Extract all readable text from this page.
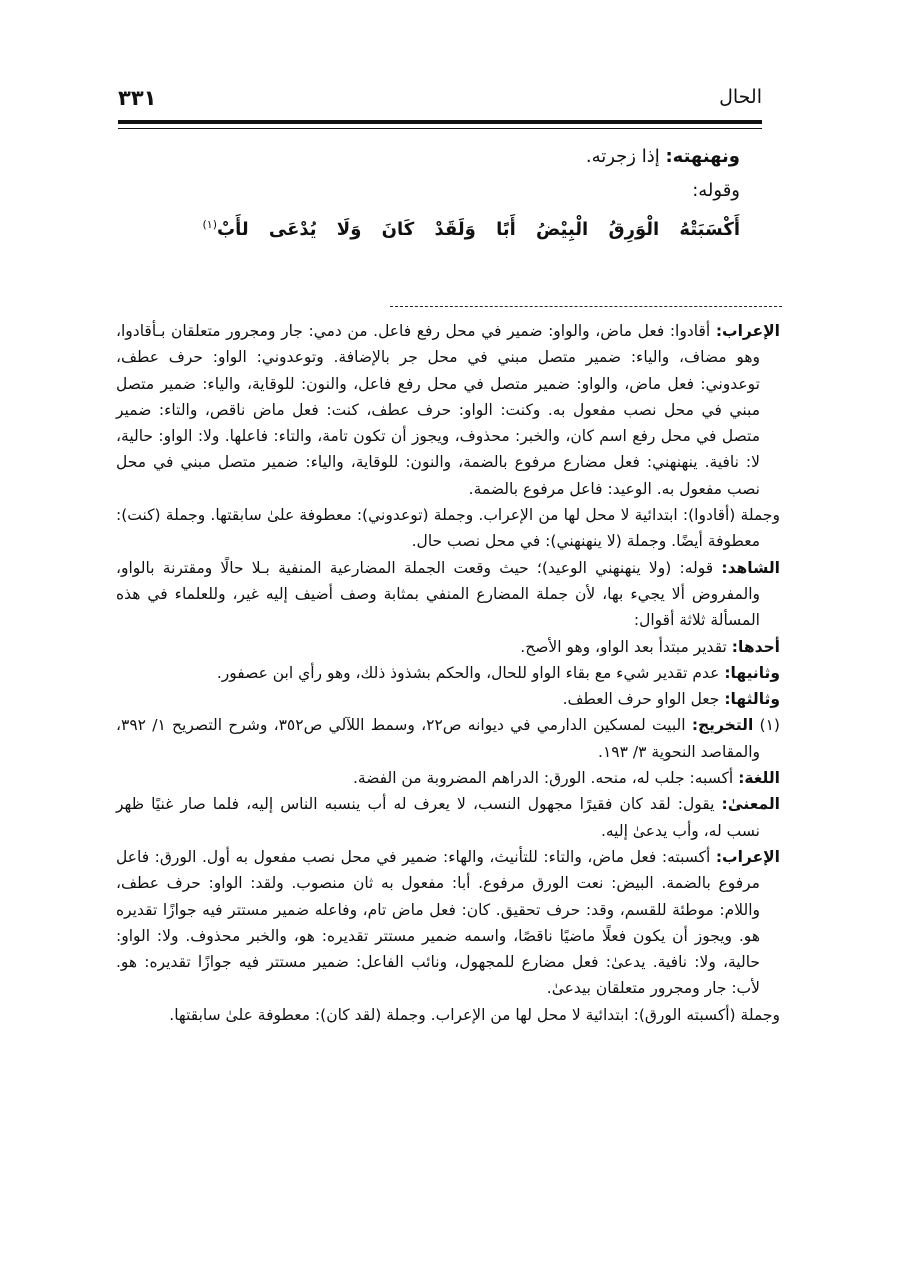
الحال
٣٣١

ونهنهته: إذا زجرته.

وقوله:

أَكْسَبَتْهُ الْوَرِقُ الْبِيْضُ أَبًا وَلَقَدْ كَانَ وَلَا يُدْعَى لأَبْ$^{(١)}$

الإعراب: أقادوا: فعل ماض، والواو: ضمير في محل رفع فاعل. من دمي: جار ومجرور متعلقان بـأقادوا، وهو مضاف، والياء: ضمير متصل مبني في محل جر بالإضافة. وتوعدوني: الواو: حرف عطف، توعدوني: فعل ماض، والواو: ضمير متصل في محل رفع فاعل، والنون: للوقاية، والياء: ضمير متصل مبني في محل نصب مفعول به. وكنت: الواو: حرف عطف، كنت: فعل ماض ناقص، والتاء: ضمير متصل في محل رفع اسم كان، والخبر: محذوف، ويجوز أن تكون تامة، والتاء: فاعلها. ولا: الواو: حالية، لا: نافية. ينهنهني: فعل مضارع مرفوع بالضمة، والنون: للوقاية، والياء: ضمير متصل مبني في محل نصب مفعول به. الوعيد: فاعل مرفوع بالضمة.

وجملة (أقادوا): ابتدائية لا محل لها من الإعراب. وجملة (توعدوني): معطوفة علىٰ سابقتها. وجملة (كنت): معطوفة أيضًا. وجملة (لا ينهنهني): في محل نصب حال.

الشاهد: قوله: (ولا ينهنهني الوعيد)؛ حيث وقعت الجملة المضارعية المنفية بـلا حالًا ومقترنة بالواو، والمفروض ألا يجيء بها، لأن جملة المضارع المنفي بمثابة وصف أضيف إليه غير، وللعلماء في هذه المسألة ثلاثة أقوال:

أحدها: تقدير مبتدأ بعد الواو، وهو الأصح.

وثانيها: عدم تقدير شيء مع بقاء الواو للحال، والحكم بشذوذ ذلك، وهو رأي ابن عصفور.

وثالثها: جعل الواو حرف العطف.

(١) التخريج: البيت لمسكين الدارمي في ديوانه ص٢٢، وسمط اللآلي ص٣٥٢، وشرح التصريح ١/ ٣٩٢، والمقاصد النحوية ٣/ ١٩٣.

اللغة: أكسبه: جلب له، منحه. الورق: الدراهم المضروبة من الفضة.

المعنىٰ: يقول: لقد كان فقيرًا مجهول النسب، لا يعرف له أب ينسبه الناس إليه، فلما صار غنيًا ظهر نسب له، وأب يدعىٰ إليه.

الإعراب: أكسبته: فعل ماض، والتاء: للتأنيث، والهاء: ضمير في محل نصب مفعول به أول. الورق: فاعل مرفوع بالضمة. البيض: نعت الورق مرفوع. أبا: مفعول به ثان منصوب. ولقد: الواو: حرف عطف، واللام: موطئة للقسم، وقد: حرف تحقيق. كان: فعل ماض تام، وفاعله ضمير مستتر فيه جوازًا تقديره هو. ويجوز أن يكون فعلًا ماضيًا ناقصًا، واسمه ضمير مستتر تقديره: هو، والخبر محذوف. ولا: الواو: حالية، ولا: نافية. يدعىٰ: فعل مضارع للمجهول، ونائب الفاعل: ضمير مستتر فيه جوازًا تقديره: هو. لأب: جار ومجرور متعلقان بيدعىٰ.

وجملة (أكسبته الورق): ابتدائية لا محل لها من الإعراب. وجملة (لقد كان): معطوفة علىٰ سابقتها.
